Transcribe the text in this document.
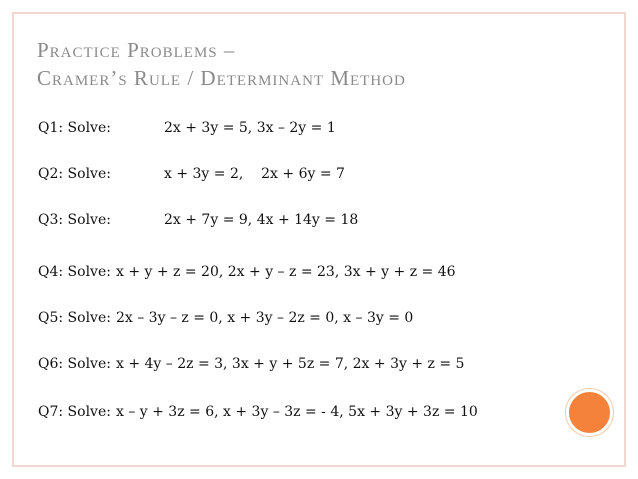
Practice Problems –
Cramer’s Rule / Determinant Method
Q1: Solve:	2x + 3y = 5, 3x – 2y = 1
Q2: Solve:	x + 3y = 2,    2x + 6y = 7
Q3: Solve:	2x + 7y = 9, 4x + 14y = 18
Q4: Solve: x + y + z = 20, 2x + y – z = 23, 3x + y + z = 46
Q5: Solve: 2x – 3y – z = 0, x + 3y – 2z = 0, x – 3y = 0
Q6: Solve: x + 4y – 2z = 3, 3x + y + 5z = 7, 2x + 3y + z = 5
Q7: Solve: x – y + 3z = 6, x + 3y – 3z = - 4, 5x + 3y + 3z = 10
